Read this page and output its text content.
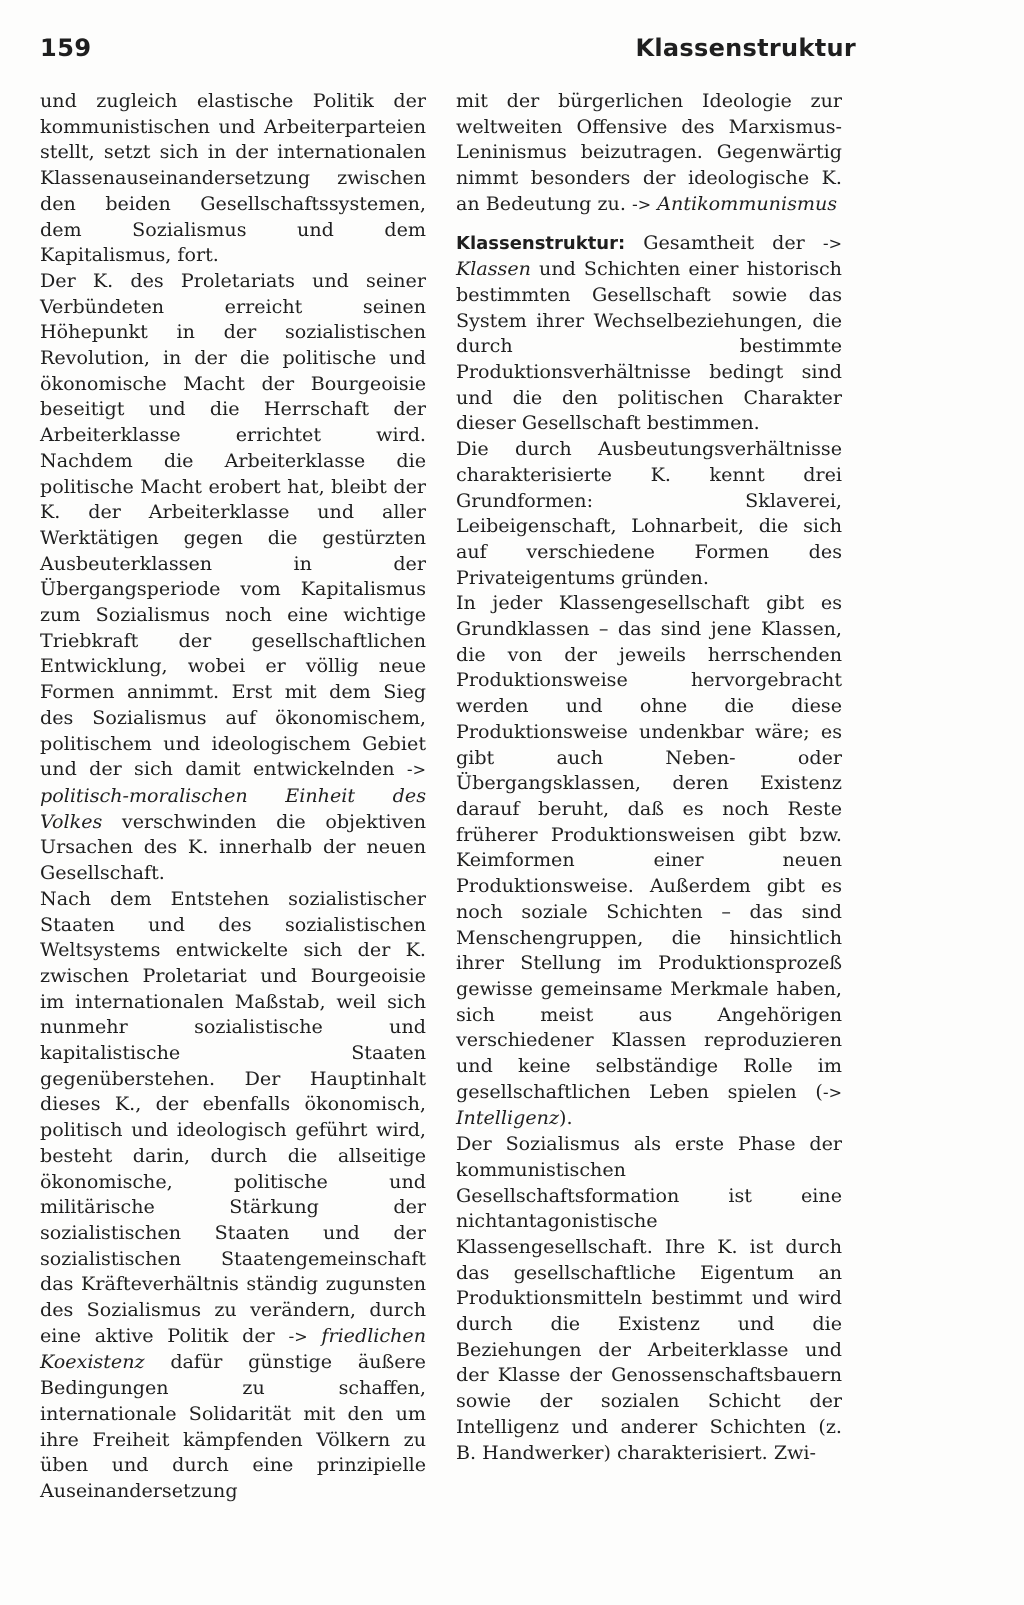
159	Klassenstruktur

und zugleich elastische Politik der kommunistischen und Arbeiterparteien stellt, setzt sich in der internationalen Klassenauseinandersetzung zwischen den beiden Gesellschaftssystemen, dem Sozialismus und dem Kapitalismus, fort.

Der K. des Proletariats und seiner Verbündeten erreicht seinen Höhepunkt in der sozialistischen Revolution, in der die politische und ökonomische Macht der Bourgeoisie beseitigt und die Herrschaft der Arbeiterklasse errichtet wird. Nachdem die Arbeiterklasse die politische Macht erobert hat, bleibt der K. der Arbeiterklasse und aller Werktätigen gegen die gestürzten Ausbeuterklassen in der Übergangsperiode vom Kapitalismus zum Sozialismus noch eine wichtige Triebkraft der gesellschaftlichen Entwicklung, wobei er völlig neue Formen annimmt. Erst mit dem Sieg des Sozialismus auf ökonomischem, politischem und ideologischem Gebiet und der sich damit entwickelnden -> politisch-moralischen Einheit des Volkes verschwinden die objektiven Ursachen des K. innerhalb der neuen Gesellschaft.

Nach dem Entstehen sozialistischer Staaten und des sozialistischen Weltsystems entwickelte sich der K. zwischen Proletariat und Bourgeoisie im internationalen Maßstab, weil sich nunmehr sozialistische und kapitalistische Staaten gegenüberstehen. Der Hauptinhalt dieses K., der ebenfalls ökonomisch, politisch und ideologisch geführt wird, besteht darin, durch die allseitige ökonomische, politische und militärische Stärkung der sozialistischen Staaten und der sozialistischen Staatengemeinschaft das Kräfteverhältnis ständig zugunsten des Sozialismus zu verändern, durch eine aktive Politik der -> friedlichen Koexistenz dafür günstige äußere Bedingungen zu schaffen, internationale Solidarität mit den um ihre Freiheit kämpfenden Völkern zu üben und durch eine prinzipielle Auseinandersetzung

mit der bürgerlichen Ideologie zur weltweiten Offensive des Marxismus-Leninismus beizutragen. Gegenwärtig nimmt besonders der ideologische K. an Bedeutung zu. -> Antikommunismus

Klassenstruktur: Gesamtheit der -> Klassen und Schichten einer historisch bestimmten Gesellschaft sowie das System ihrer Wechselbeziehungen, die durch bestimmte Produktionsverhältnisse bedingt sind und die den politischen Charakter dieser Gesellschaft bestimmen.

Die durch Ausbeutungsverhältnisse charakterisierte K. kennt drei Grundformen: Sklaverei, Leibeigenschaft, Lohnarbeit, die sich auf verschiedene Formen des Privateigentums gründen.

In jeder Klassengesellschaft gibt es Grundklassen – das sind jene Klassen, die von der jeweils herrschenden Produktionsweise hervorgebracht werden und ohne die diese Produktionsweise undenkbar wäre; es gibt auch Neben- oder Übergangsklassen, deren Existenz darauf beruht, daß es noch Reste früherer Produktionsweisen gibt bzw. Keimformen einer neuen Produktionsweise. Außerdem gibt es noch soziale Schichten – das sind Menschengruppen, die hinsichtlich ihrer Stellung im Produktionsprozeß gewisse gemeinsame Merkmale haben, sich meist aus Angehörigen verschiedener Klassen reproduzieren und keine selbständige Rolle im gesellschaftlichen Leben spielen (-> Intelligenz).

Der Sozialismus als erste Phase der kommunistischen Gesellschaftsformation ist eine nichtantagonistische Klassengesellschaft. Ihre K. ist durch das gesellschaftliche Eigentum an Produktionsmitteln bestimmt und wird durch die Existenz und die Beziehungen der Arbeiterklasse und der Klasse der Genossenschaftsbauern sowie der sozialen Schicht der Intelligenz und anderer Schichten (z. B. Handwerker) charakterisiert. Zwi-
